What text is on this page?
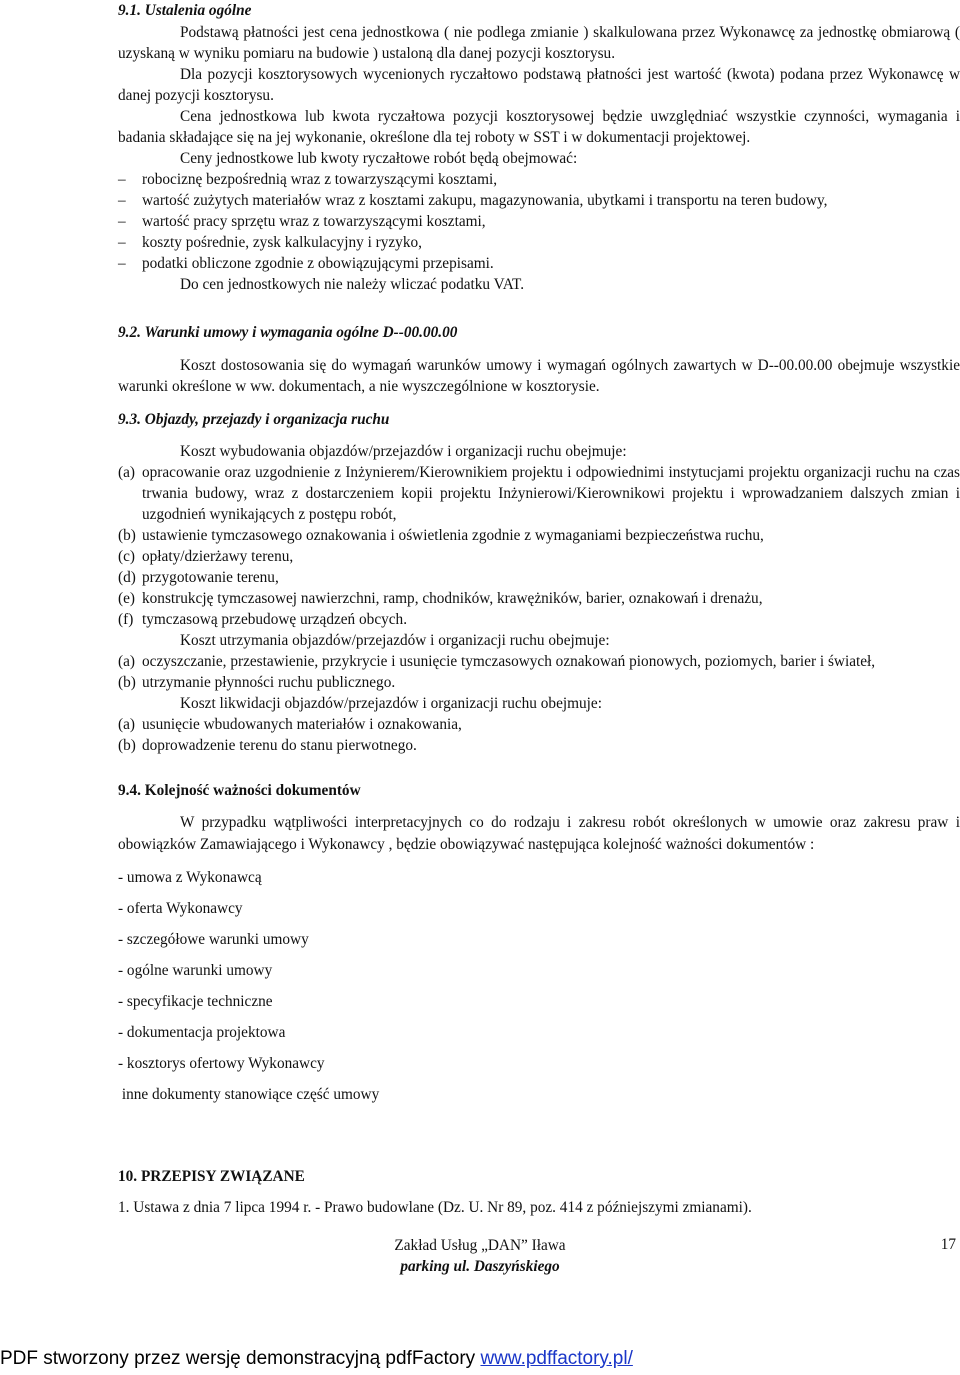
9.1. Ustalenia ogólne

Podstawą płatności jest cena jednostkowa ( nie podlega zmianie ) skalkulowana przez Wykonawcę za jednostkę obmiarową ( uzyskaną w wyniku pomiaru na budowie ) ustaloną dla danej pozycji kosztorysu.

Dla pozycji kosztorysowych wycenionych ryczałtowo podstawą płatności jest wartość (kwota) podana przez Wykonawcę w danej pozycji kosztorysu.

Cena jednostkowa lub kwota ryczałtowa pozycji kosztorysowej będzie uwzględniać wszystkie czynności, wymagania i badania składające się na jej wykonanie, określone dla tej roboty w SST i w dokumentacji projektowej.

Ceny jednostkowe lub kwoty ryczałtowe robót będą obejmować:

– robociznę bezpośrednią wraz z towarzyszącymi kosztami,
– wartość zużytych materiałów wraz z kosztami zakupu, magazynowania, ubytkami i transportu na teren budowy,
– wartość pracy sprzętu wraz z towarzyszącymi kosztami,
– koszty pośrednie, zysk kalkulacyjny i ryzyko,
– podatki obliczone zgodnie z obowiązującymi przepisami.

Do cen jednostkowych nie należy wliczać podatku VAT.

9.2. Warunki umowy i wymagania ogólne D--00.00.00

Koszt dostosowania się do wymagań warunków umowy i wymagań ogólnych zawartych w D--00.00.00 obejmuje wszystkie warunki określone w ww. dokumentach, a nie wyszczególnione w kosztorysie.

9.3. Objazdy, przejazdy i organizacja ruchu

Koszt wybudowania objazdów/przejazdów i organizacji ruchu obejmuje:

(a) opracowanie oraz uzgodnienie z Inżynierem/Kierownikiem projektu i odpowiednimi instytucjami projektu organizacji ruchu na czas trwania budowy, wraz z dostarczeniem kopii projektu Inżynierowi/Kierownikowi projektu i wprowadzaniem dalszych zmian i uzgodnień wynikających z postępu robót,
(b) ustawienie tymczasowego oznakowania i oświetlenia zgodnie z wymaganiami bezpieczeństwa ruchu,
(c) opłaty/dzierżawy terenu,
(d) przygotowanie terenu,
(e) konstrukcję tymczasowej nawierzchni, ramp, chodników, krawężników, barier, oznakowań i drenażu,
(f) tymczasową przebudowę urządzeń obcych.

Koszt utrzymania objazdów/przejazdów i organizacji ruchu obejmuje:

(a) oczyszczanie, przestawienie, przykrycie i usunięcie tymczasowych oznakowań pionowych, poziomych, barier i świateł,
(b) utrzymanie płynności ruchu publicznego.

Koszt likwidacji objazdów/przejazdów i organizacji ruchu obejmuje:

(a) usunięcie wbudowanych materiałów i oznakowania,
(b) doprowadzenie terenu do stanu pierwotnego.
9.4. Kolejność ważności dokumentów

W przypadku wątpliwości interpretacyjnych co do rodzaju i zakresu robót określonych w umowie oraz zakresu praw i obowiązków Zamawiającego i Wykonawcy , będzie obowiązywać następująca kolejność ważności dokumentów :

- umowa z Wykonawcą
- oferta Wykonawcy
- szczegółowe warunki umowy
- ogólne warunki umowy
- specyfikacje techniczne
- dokumentacja projektowa
- kosztorys ofertowy Wykonawcy
inne dokumenty stanowiące część umowy
10. PRZEPISY ZWIĄZANE

1. Ustawa z dnia 7 lipca 1994 r. - Prawo budowlane (Dz. U. Nr 89, poz. 414 z późniejszymi zmianami).

Zakład Usług „DAN” Iława
parking ul. Daszyńskiego
17
PDF stworzony przez wersję demonstracyjną pdfFactory www.pdffactory.pl/
